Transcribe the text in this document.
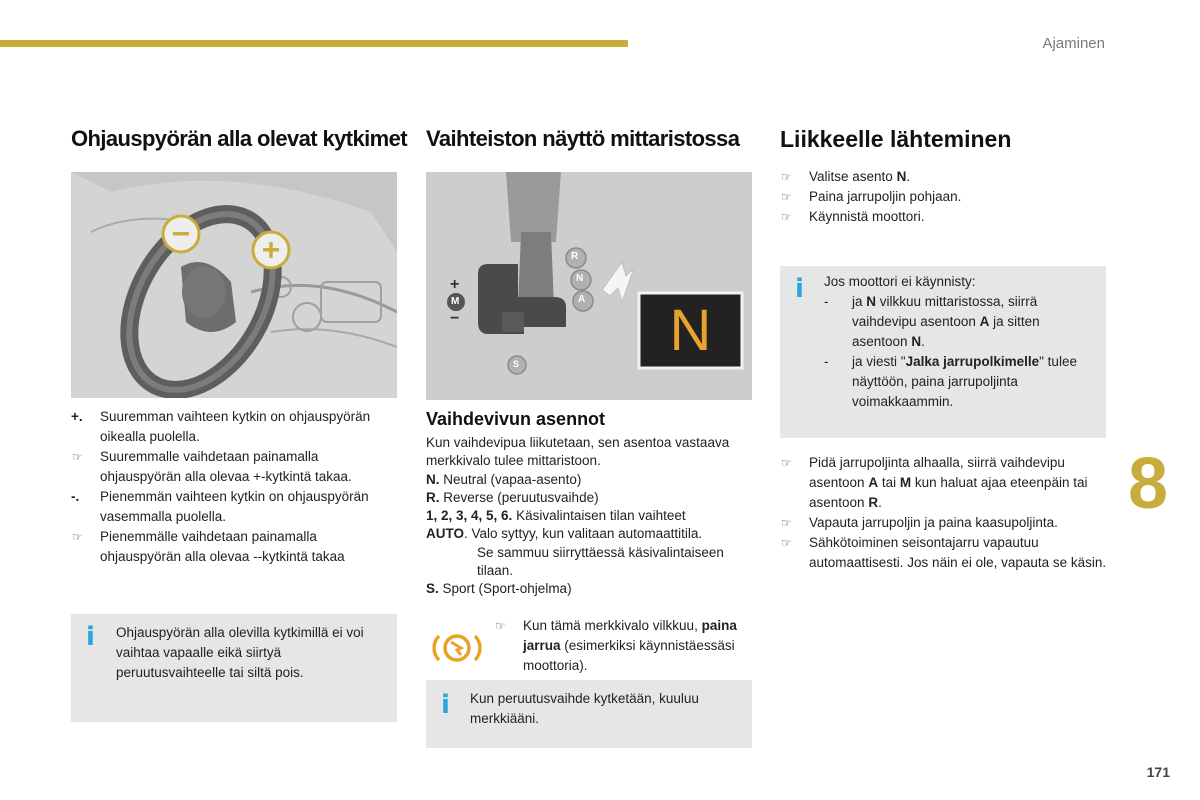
Ajaminen
171
8
Ohjauspyörän alla olevat kytkimet
+. Suuremman vaihteen kytkin on ohjauspyörän oikealla puolella.
☞ Suuremmalle vaihdetaan painamalla ohjauspyörän alla olevaa +-kytkintä takaa.
-. Pienemmän vaihteen kytkin on ohjauspyörän vasemmalla puolella.
☞ Pienemmälle vaihdetaan painamalla ohjauspyörän alla olevaa --kytkintä takaa
i Ohjauspyörän alla olevilla kytkimillä ei voi vaihtaa vapaalle eikä siirtyä peruutusvaihteelle tai siltä pois.
Vaihteiston näyttö mittaristossa
R
N
A
S
M
+
−	N
Vaihdevivun asennot
Kun vaihdevipua liikutetaan, sen asentoa vastaava merkkivalo tulee mittaristoon.
N. Neutral (vapaa-asento)
R. Reverse (peruutusvaihde)
1, 2, 3, 4, 5, 6. Käsivalintaisen tilan vaihteet
AUTO. Valo syttyy, kun valitaan automaattitila.
Se sammuu siirryttäessä käsivalintaiseen tilaan.
S. Sport (Sport-ohjelma)
☞ Kun tämä merkkivalo vilkkuu, paina jarrua (esimerkiksi käynnistäessäsi moottoria).
i Kun peruutusvaihde kytketään, kuuluu merkkiääni.
Liikkeelle lähteminen
☞ Valitse asento N.
☞ Paina jarrupoljin pohjaan.
☞ Käynnistä moottori.
i Jos moottori ei käynnisty:
- ja N vilkkuu mittaristossa, siirrä vaihdevipu asentoon A ja sitten asentoon N.
- ja viesti "Jalka jarrupolkimelle" tulee näyttöön, paina jarrupoljinta voimakkaammin.
☞ Pidä jarrupoljinta alhaalla, siirrä vaihdevipu asentoon A tai M kun haluat ajaa eteenpäin tai asentoon R.
☞ Vapauta jarrupoljin ja paina kaasupoljinta.
☞ Sähkötoiminen seisontajarru vapautuu automaattisesti. Jos näin ei ole, vapauta se käsin.
